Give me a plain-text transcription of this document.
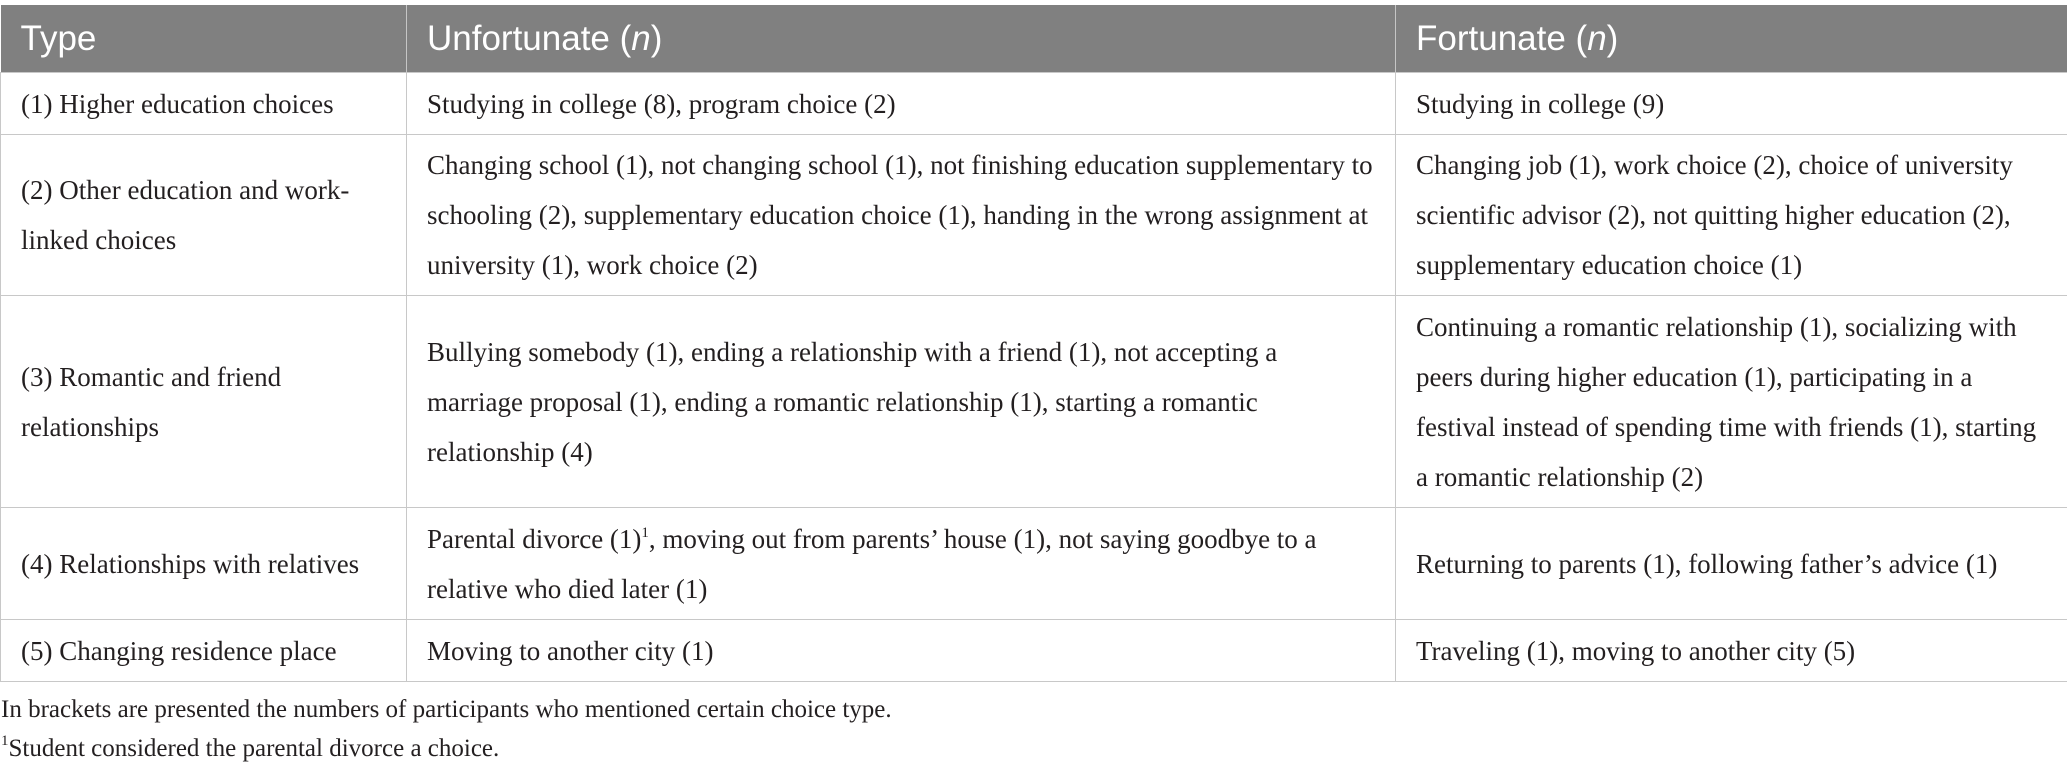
Type	Unfortunate (n)	Fortunate (n)
(1) Higher education choices	Studying in college (8), program choice (2)	Studying in college (9)
(2) Other education and work-linked choices	Changing school (1), not changing school (1), not finishing education supplementary to schooling (2), supplementary education choice (1), handing in the wrong assignment at university (1), work choice (2)	Changing job (1), work choice (2), choice of university scientific advisor (2), not quitting higher education (2), supplementary education choice (1)
(3) Romantic and friend relationships	Bullying somebody (1), ending a relationship with a friend (1), not accepting a marriage proposal (1), ending a romantic relationship (1), starting a romantic relationship (4)	Continuing a romantic relationship (1), socializing with peers during higher education (1), participating in a festival instead of spending time with friends (1), starting a romantic relationship (2)
(4) Relationships with relatives	Parental divorce $(1)^1$, moving out from parents’ house (1), not saying goodbye to a relative who died later (1)	Returning to parents (1), following father’s advice (1)
(5) Changing residence place	Moving to another city (1)	Traveling (1), moving to another city (5)
In brackets are presented the numbers of participants who mentioned certain choice type.
$^1$Student considered the parental divorce a choice.
